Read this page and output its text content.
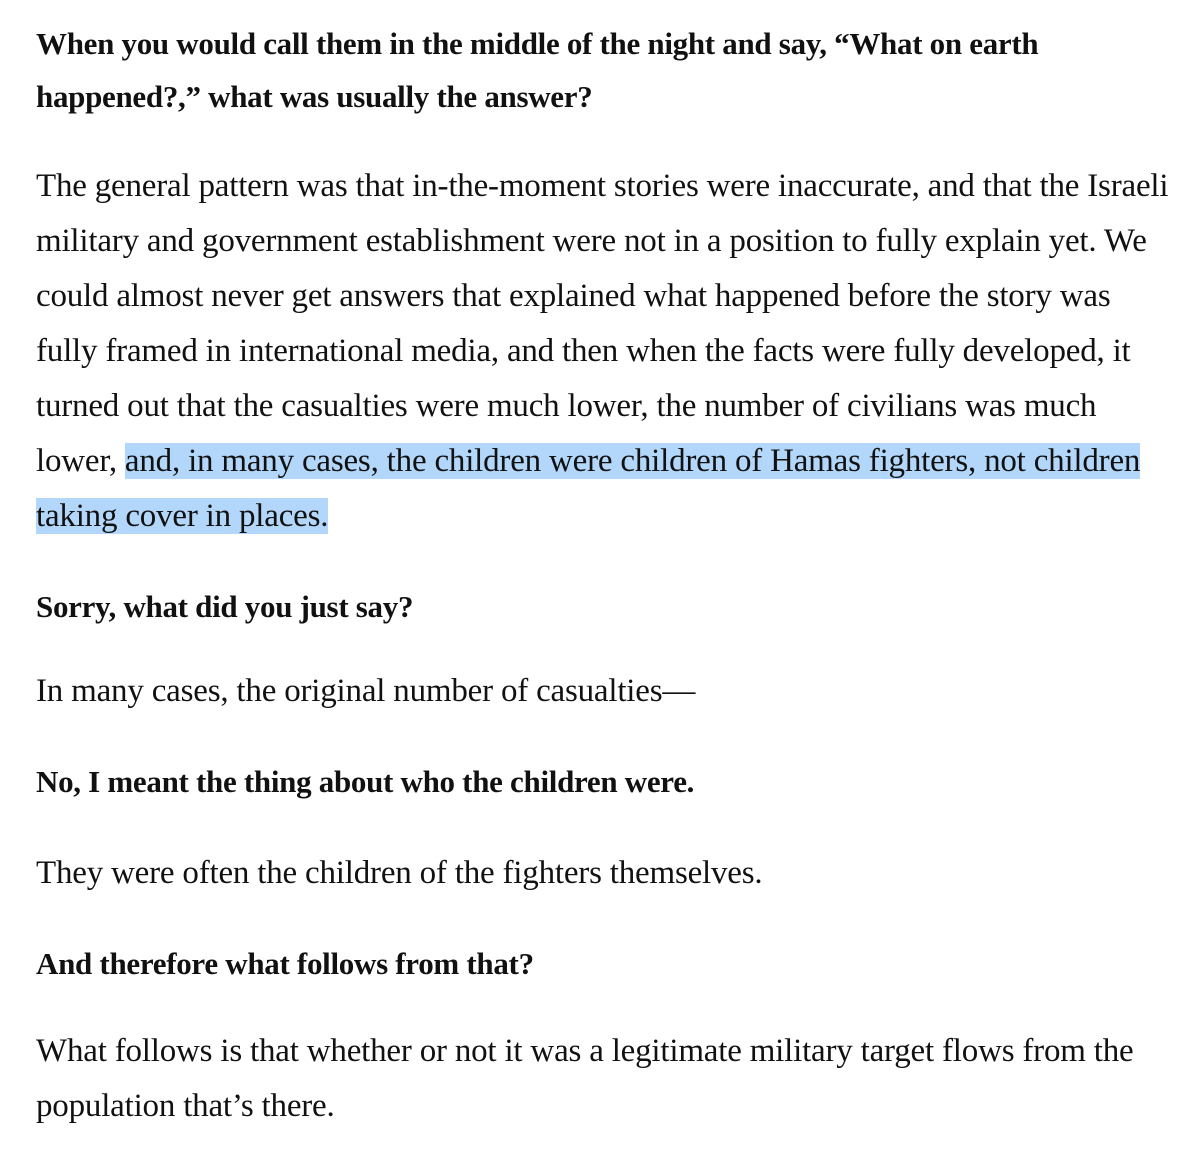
When you would call them in the middle of the night and say, “What on earth happened?,” what was usually the answer?

The general pattern was that in-the-moment stories were inaccurate, and that the Israeli military and government establishment were not in a position to fully explain yet. We could almost never get answers that explained what happened before the story was fully framed in international media, and then when the facts were fully developed, it turned out that the casualties were much lower, the number of civilians was much lower, and, in many cases, the children were children of Hamas fighters, not children taking cover in places.

Sorry, what did you just say?

In many cases, the original number of casualties—

No, I meant the thing about who the children were.

They were often the children of the fighters themselves.

And therefore what follows from that?

What follows is that whether or not it was a legitimate military target flows from the population that’s there.
